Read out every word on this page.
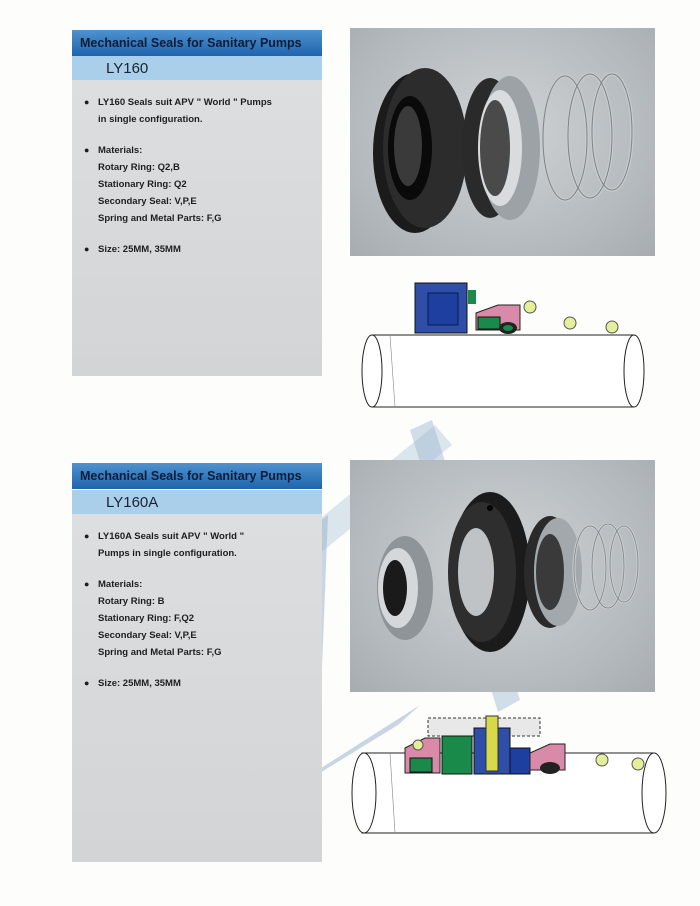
Mechanical Seals for Sanitary Pumps
LY160
● LY160 Seals suit APV " World " Pumps
in single configuration.
● Materials:
Rotary Ring: Q2,B
Stationary Ring: Q2
Secondary Seal: V,P,E
Spring and Metal Parts: F,G
● Size: 25MM, 35MM
Mechanical Seals for Sanitary Pumps
LY160A
● LY160A Seals suit APV " World "
Pumps in single configuration.
● Materials:
Rotary Ring: B
Stationary Ring: F,Q2
Secondary Seal: V,P,E
Spring and Metal Parts: F,G
● Size: 25MM, 35MM
